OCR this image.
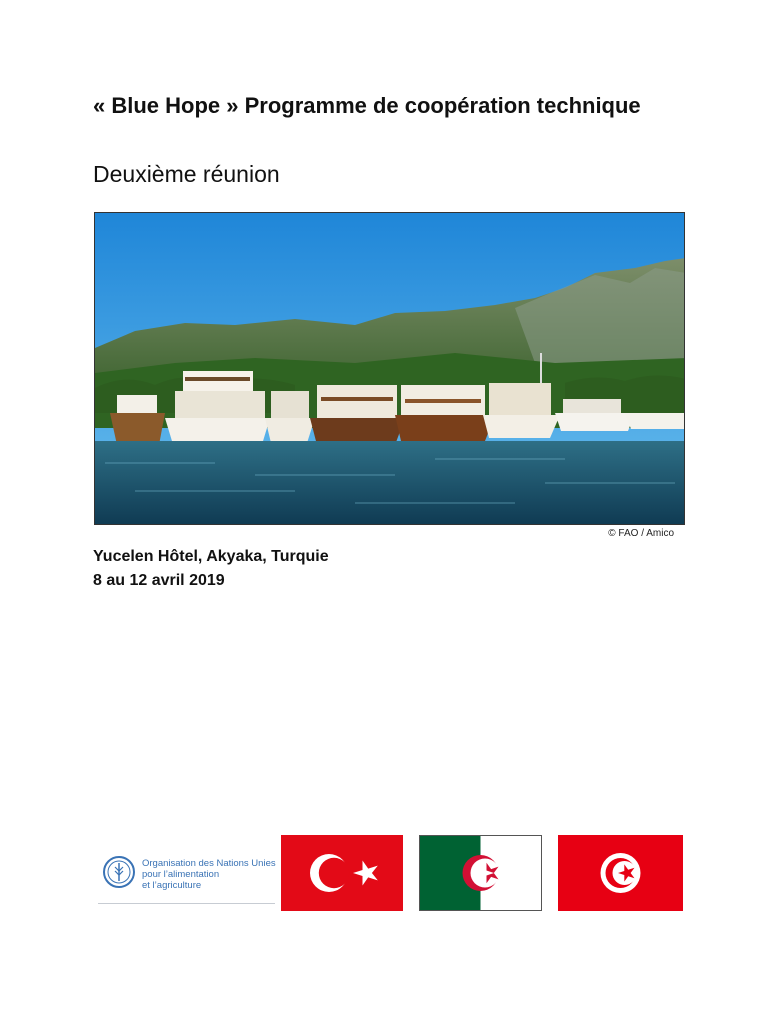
« Blue Hope » Programme de coopération technique
Deuxième réunion
© FAO / Amico
Yucelen Hôtel, Akyaka, Turquie
8 au 12 avril 2019
Organisation des Nations Unies
pour l’alimentation
et l’agriculture
